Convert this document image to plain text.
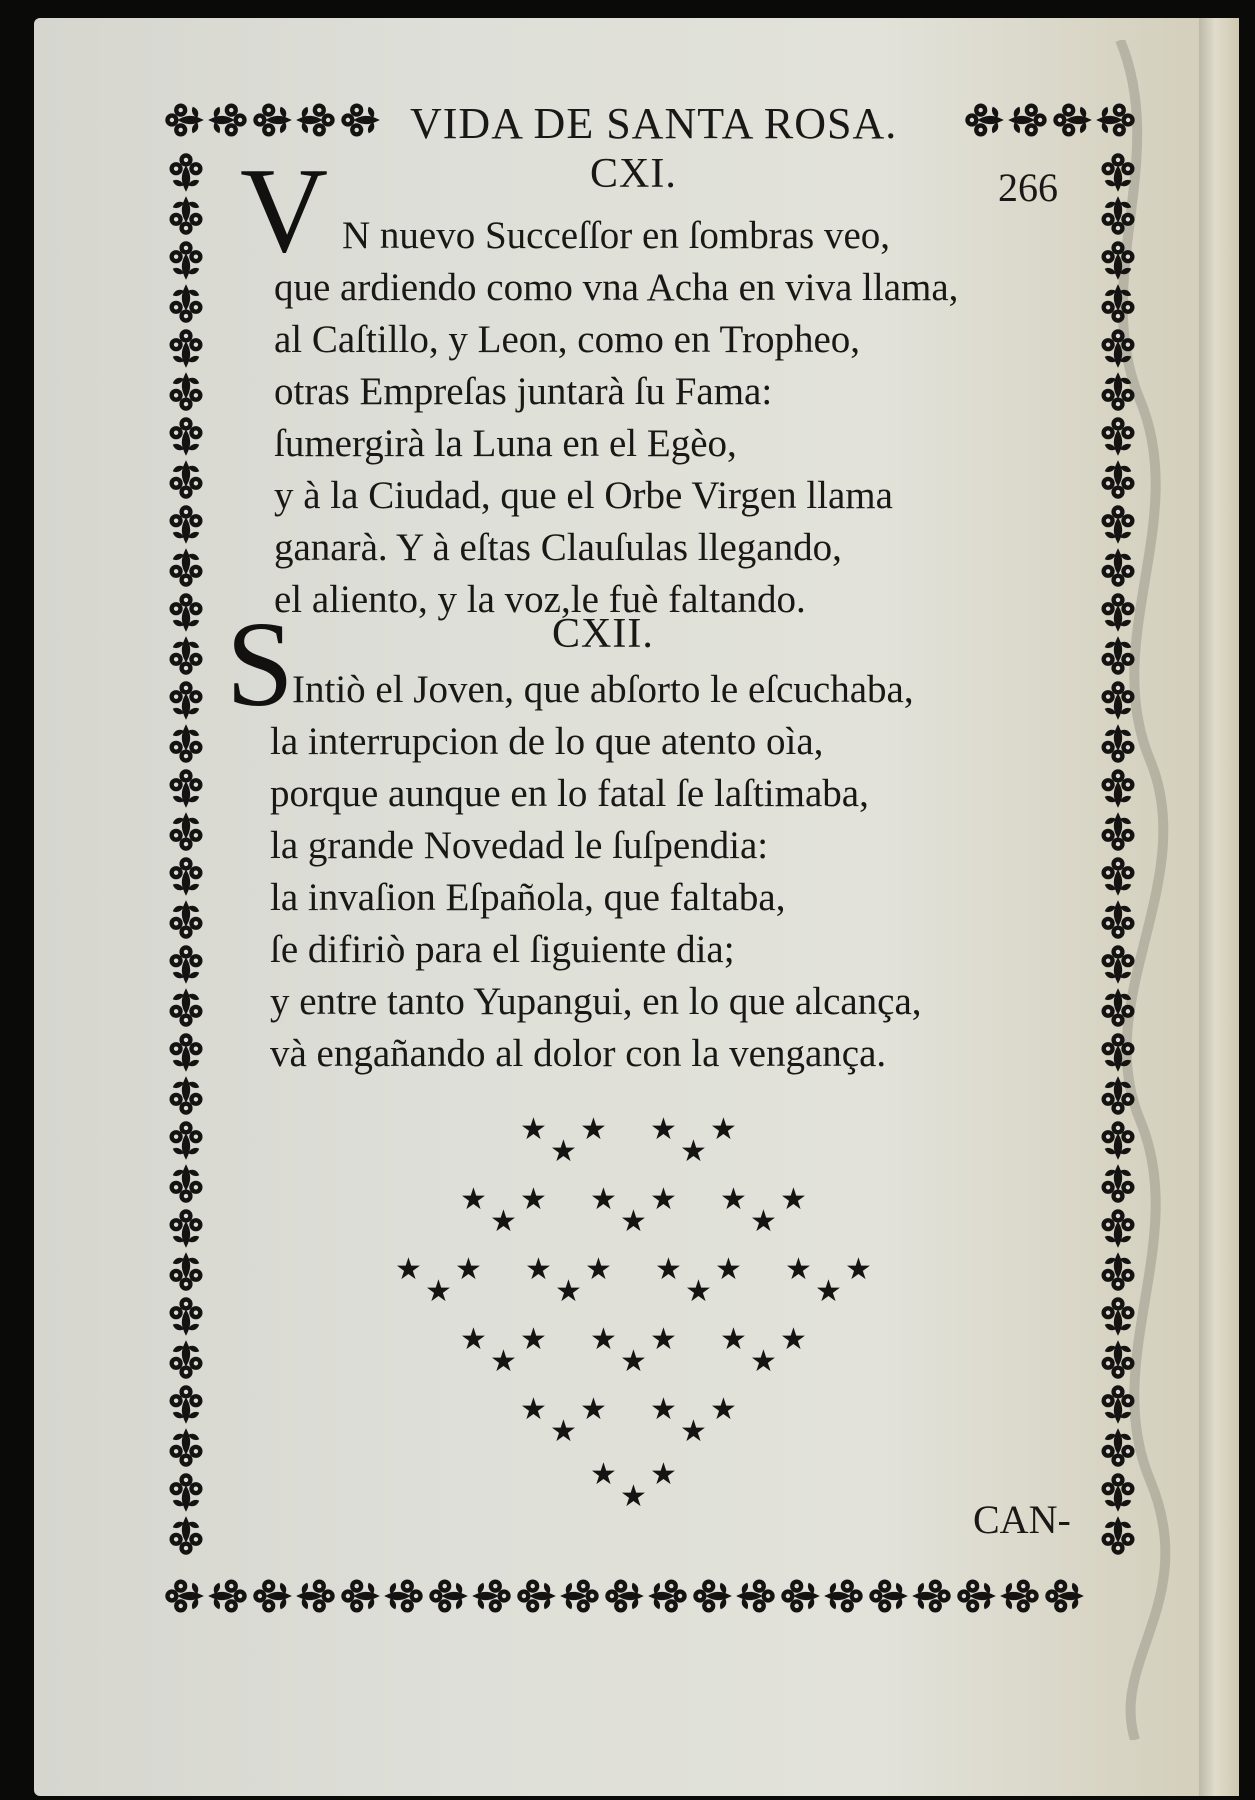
VIDA DE SANTA ROSA.
266
CXI.
V N nuevo Succeſſor en ſombras veo,
que ardiendo como vna Acha en viva llama,
al Caſtillo, y Leon, como en Tropheo,
otras Empreſas juntarà ſu Fama:
ſumergirà la Luna en el Egèo,
y à la Ciudad, que el Orbe Virgen llama
ganarà. Y à eſtas Clauſulas llegando,
el aliento, y la voz,le fuè faltando.
CXII.
S
Intiò el Joven, que abſorto le eſcuchaba,
la interrupcion de lo que atento oìa,
porque aunque en lo fatal ſe laſtimaba,
la grande Novedad le ſuſpendia:
la invaſion Eſpañola, que faltaba,
ſe difiriò para el ſiguiente dia;
y entre tanto Yupangui, en lo que alcança,
và engañando al dolor con la vengança.
★ ★
★
★ ★
★
★ ★
★
★ ★
★
★ ★
★
★ ★
★
★ ★
★
★ ★
★
★ ★
★
★ ★
★
★ ★
★
★ ★
★
★ ★
★
★ ★
★
★ ★
★
CAN-
